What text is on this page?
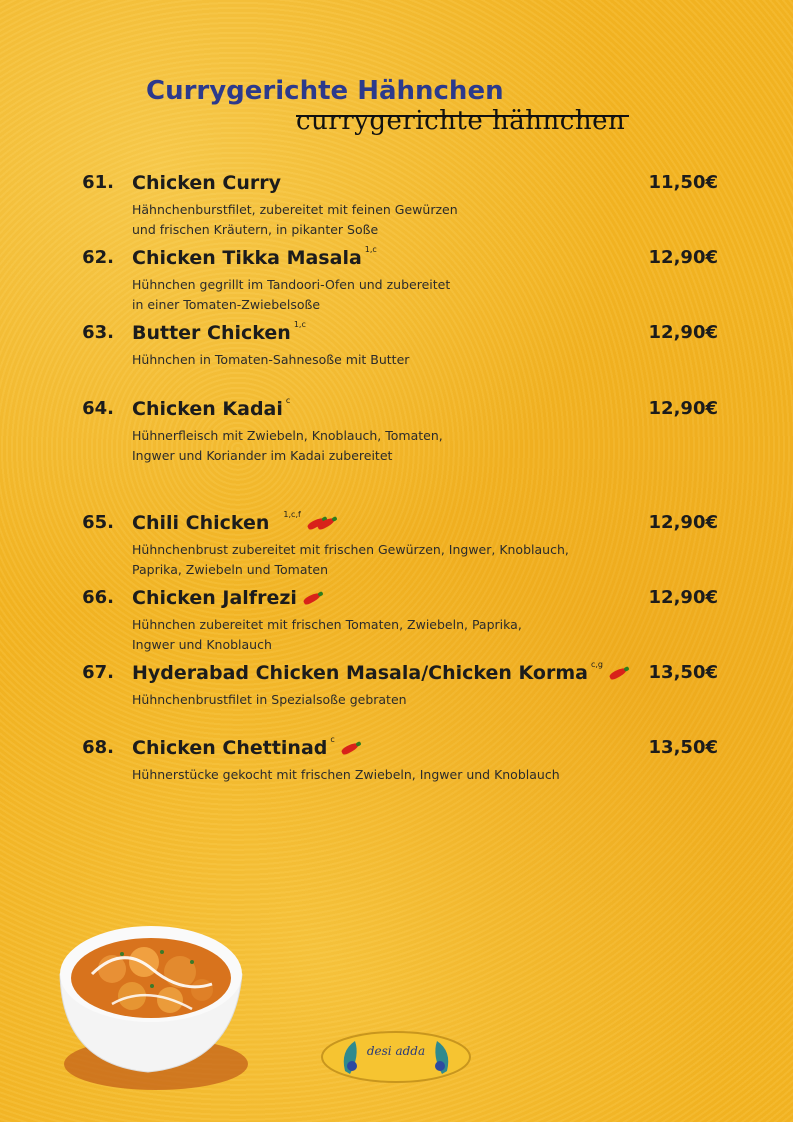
Currygerichte Hähnchen
currygerichte hähnchen
61. Chicken Curry	11,50€
Hähnchenburstfilet, zubereitet mit feinen Gewürzen
und frischen Kräutern, in pikanter Soße
62. Chicken Tikka Masala $^{1,c}$	12,90€
Hühnchen gegrillt im Tandoori-Ofen und zubereitet
in einer Tomaten-Zwiebelsoße
63. Butter Chicken $^{1,c}$	12,90€
Hühnchen in Tomaten-Sahnesoße mit Butter
64. Chicken Kadai $^c$	12,90€
Hühnerfleisch mit Zwiebeln, Knoblauch, Tomaten,
Ingwer und Koriander im Kadai zubereitet
65. Chili Chicken $^{1,c,f}$	12,90€
Hühnchenbrust zubereitet mit frischen Gewürzen, Ingwer, Knoblauch,
Paprika, Zwiebeln und Tomaten
66. Chicken Jalfrezi	12,90€
Hühnchen zubereitet mit frischen Tomaten, Zwiebeln, Paprika,
Ingwer und Knoblauch
67. Hyderabad Chicken Masala/Chicken Korma $^{c,g}$	13,50€
Hühnchenbrustfilet in Spezialsoße gebraten
68. Chicken Chettinad $^c$	13,50€
Hühnerstücke gekocht mit frischen Zwiebeln, Ingwer und Knoblauch
desi adda
